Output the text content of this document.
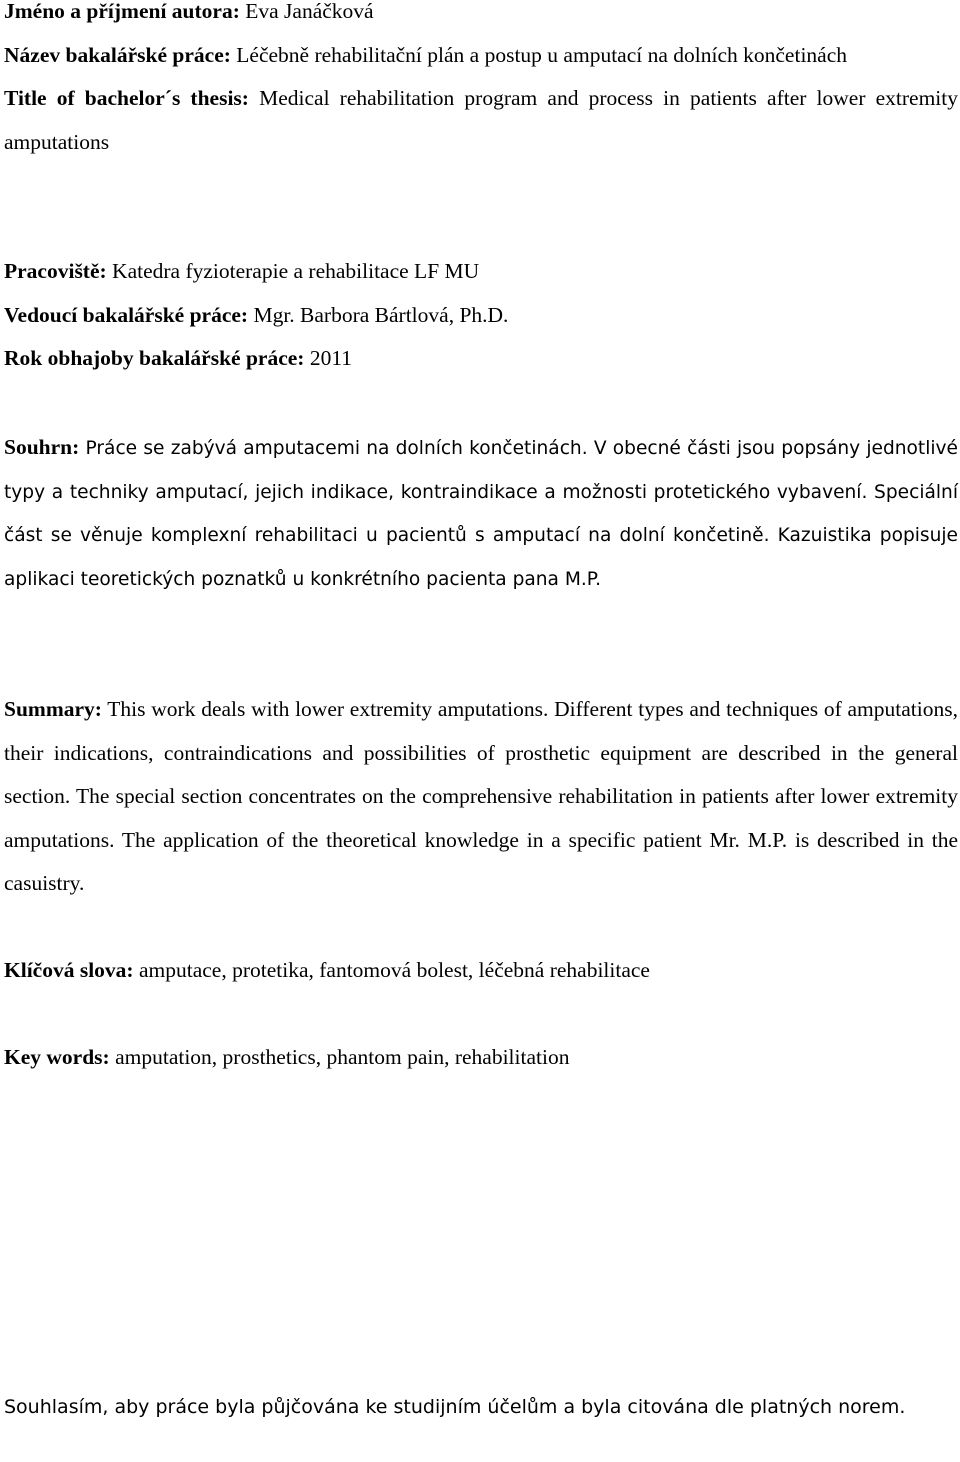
Jméno a příjmení autora: Eva Janáčková

Název bakalářské práce: Léčebně rehabilitační plán a postup u amputací na dolních končetinách

Title of bachelor´s thesis: Medical rehabilitation program and process in patients after lower extremity amputations

Pracoviště: Katedra fyzioterapie a rehabilitace LF MU

Vedoucí bakalářské práce: Mgr. Barbora Bártlová, Ph.D.

Rok obhajoby bakalářské práce: 2011

Souhrn: Práce se zabývá amputacemi na dolních končetinách. V obecné části jsou popsány jednotlivé typy a techniky amputací, jejich indikace, kontraindikace a možnosti protetického vybavení. Speciální část se věnuje komplexní rehabilitaci u pacientů s amputací na dolní končetině. Kazuistika popisuje aplikaci teoretických poznatků u konkrétního pacienta pana M.P.

Summary: This work deals with lower extremity amputations. Different types and techniques of amputations, their indications, contraindications and possibilities of prosthetic equipment are described in the general section. The special section concentrates on the comprehensive rehabilitation in patients after lower extremity amputations. The application of the theoretical knowledge in a specific patient Mr. M.P. is described in the casuistry.

Klíčová slova: amputace, protetika, fantomová bolest, léčebná rehabilitace

Key words: amputation, prosthetics, phantom pain, rehabilitation

Souhlasím, aby práce byla půjčována ke studijním účelům a byla citována dle platných norem.
